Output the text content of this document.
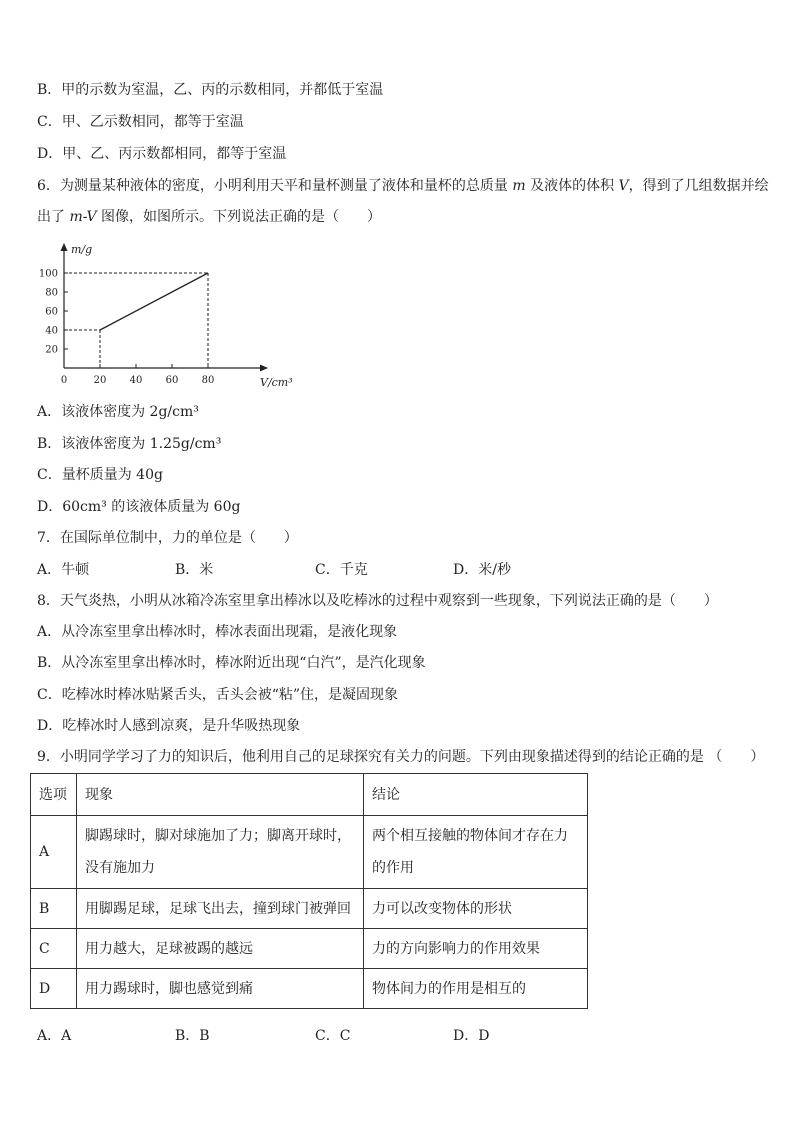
B．甲的示数为室温，乙、丙的示数相同，并都低于室温
C．甲、乙示数相同，都等于室温
D．甲、乙、丙示数都相同，都等于室温
6．为测量某种液体的密度，小明利用天平和量杯测量了液体和量杯的总质量 m 及液体的体积 V，得到了几组数据并绘
出了 m-V 图像，如图所示。下列说法正确的是（　　）
0	20 40 60 80
20
40
60
80
100
m/g
V/cm³
A．该液体密度为 2g/cm³
B．该液体密度为 1.25g/cm³
C．量杯质量为 40g
D．60cm³ 的该液体质量为 60g
7．在国际单位制中，力的单位是（　　）
A．牛顿	B．米	C．千克	D．米/秒
8．天气炎热，小明从冰箱冷冻室里拿出棒冰以及吃棒冰的过程中观察到一些现象，下列说法正确的是（　　）
A．从冷冻室里拿出棒冰时，棒冰表面出现霜，是液化现象
B．从冷冻室里拿出棒冰时，棒冰附近出现“白汽”，是汽化现象
C．吃棒冰时棒冰贴紧舌头，舌头会被“粘”住，是凝固现象
D．吃棒冰时人感到凉爽，是升华吸热现象
9．小明同学学习了力的知识后，他利用自己的足球探究有关力的问题。下列由现象描述得到的结论正确的是 （　　）
选项	现象	结论
A	脚踢球时，脚对球施加了力；脚离开球时，没有施加力	两个相互接触的物体间才存在力的作用
B	用脚踢足球，足球飞出去，撞到球门被弹回	力可以改变物体的形状
C	用力越大，足球被踢的越远	力的方向影响力的作用效果
D	用力踢球时，脚也感觉到痛	物体间力的作用是相互的
A．A	B．B	C．C	D．D
